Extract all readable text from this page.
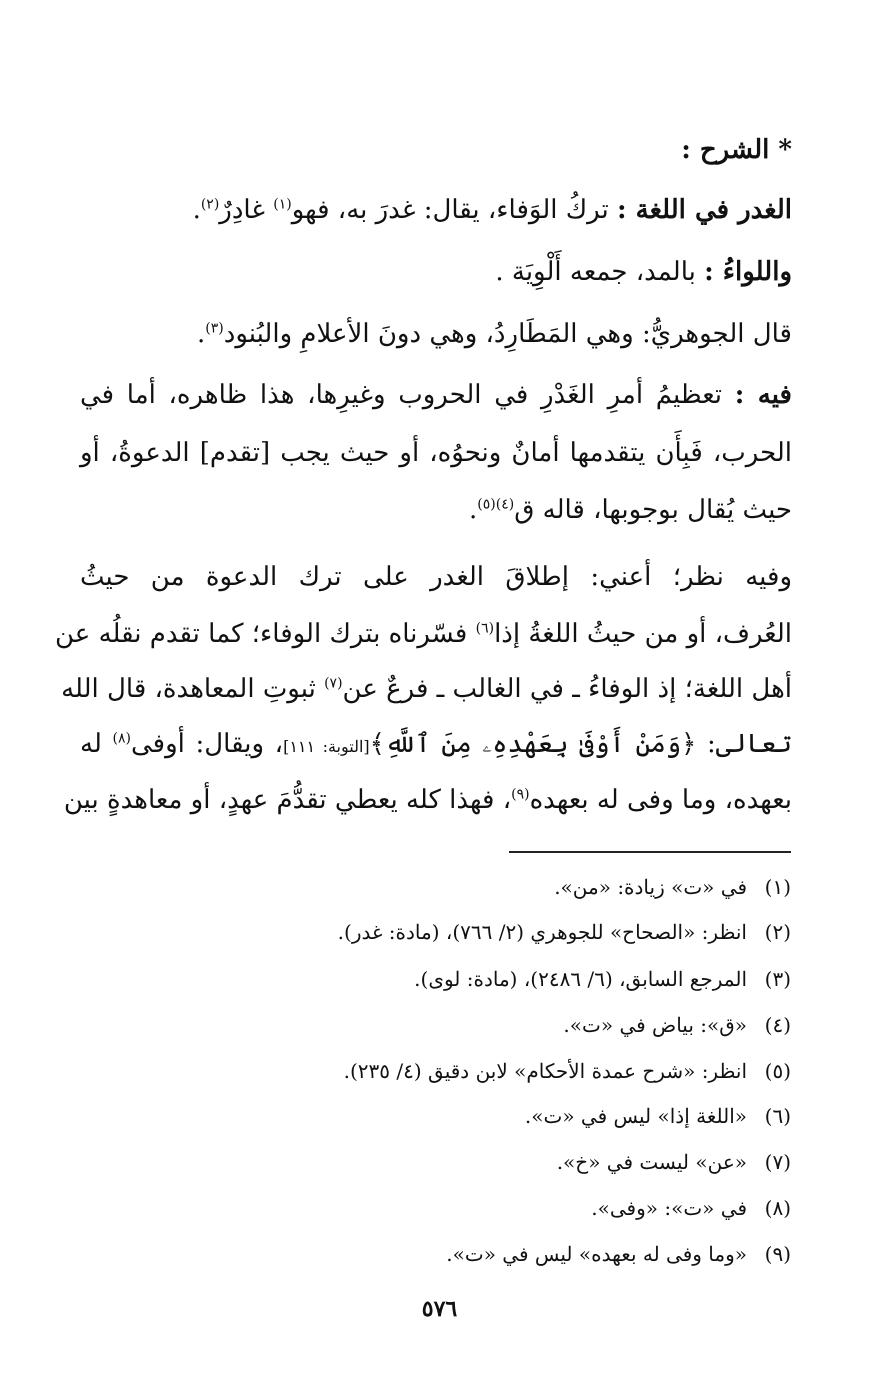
* الشرح :
الغدر في اللغة : تركُ الوَفاء، يقال: غدرَ به، فهو$^{(١)}$ غادِرٌ$^{(٢)}$.
واللواءُ : بالمد، جمعه أَلْوِيَة .
قال الجوهريُّ: وهي المَطَارِدُ، وهي دونَ الأعلامِ والبُنود$^{(٣)}$.
فيه : تعظيمُ أمرِ الغَدْرِ في الحروب وغيرِها، هذا ظاهره، أما في
الحرب، فَبِأَن يتقدمها أمانٌ ونحوُه، أو حيث يجب [تقدم] الدعوةُ، أو
حيث يُقال بوجوبها، قاله ق$^{(٤)(٥)}$.
وفيه نظر؛ أعني: إطلاقَ الغدر على ترك الدعوة من حيثُ
العُرف، أو من حيثُ اللغةُ إذا$^{(٦)}$ فسّرناه بترك الوفاء؛ كما تقدم نقلُه عن
أهل اللغة؛ إذ الوفاءُ ـ في الغالب ـ فرعٌ عن$^{(٧)}$ ثبوتِ المعاهدة، قال الله
تعالى: ﴿وَمَنْ أَوْفَىٰ بِعَهْدِهِۦ مِنَ ٱللَّهِ﴾[التوبة: ١١١]، ويقال: أوفى$^{(٨)}$ له
بعهده، وما وفى له بعهده$^{(٩)}$، فهذا كله يعطي تقدُّمَ عهدٍ، أو معاهدةٍ بين
(١)في «ت» زيادة: «من».
(٢)انظر: «الصحاح» للجوهري (٢/ ٧٦٦)، (مادة: غدر).
(٣)المرجع السابق، (٦/ ٢٤٨٦)، (مادة: لوى).
(٤)«ق»: بياض في «ت».
(٥)انظر: «شرح عمدة الأحكام» لابن دقيق (٤/ ٢٣٥).
(٦)«اللغة إذا» ليس في «ت».
(٧)«عن» ليست في «خ».
(٨)في «ت»: «وفى».
(٩)«وما وفى له بعهده» ليس في «ت».
٥٧٦
